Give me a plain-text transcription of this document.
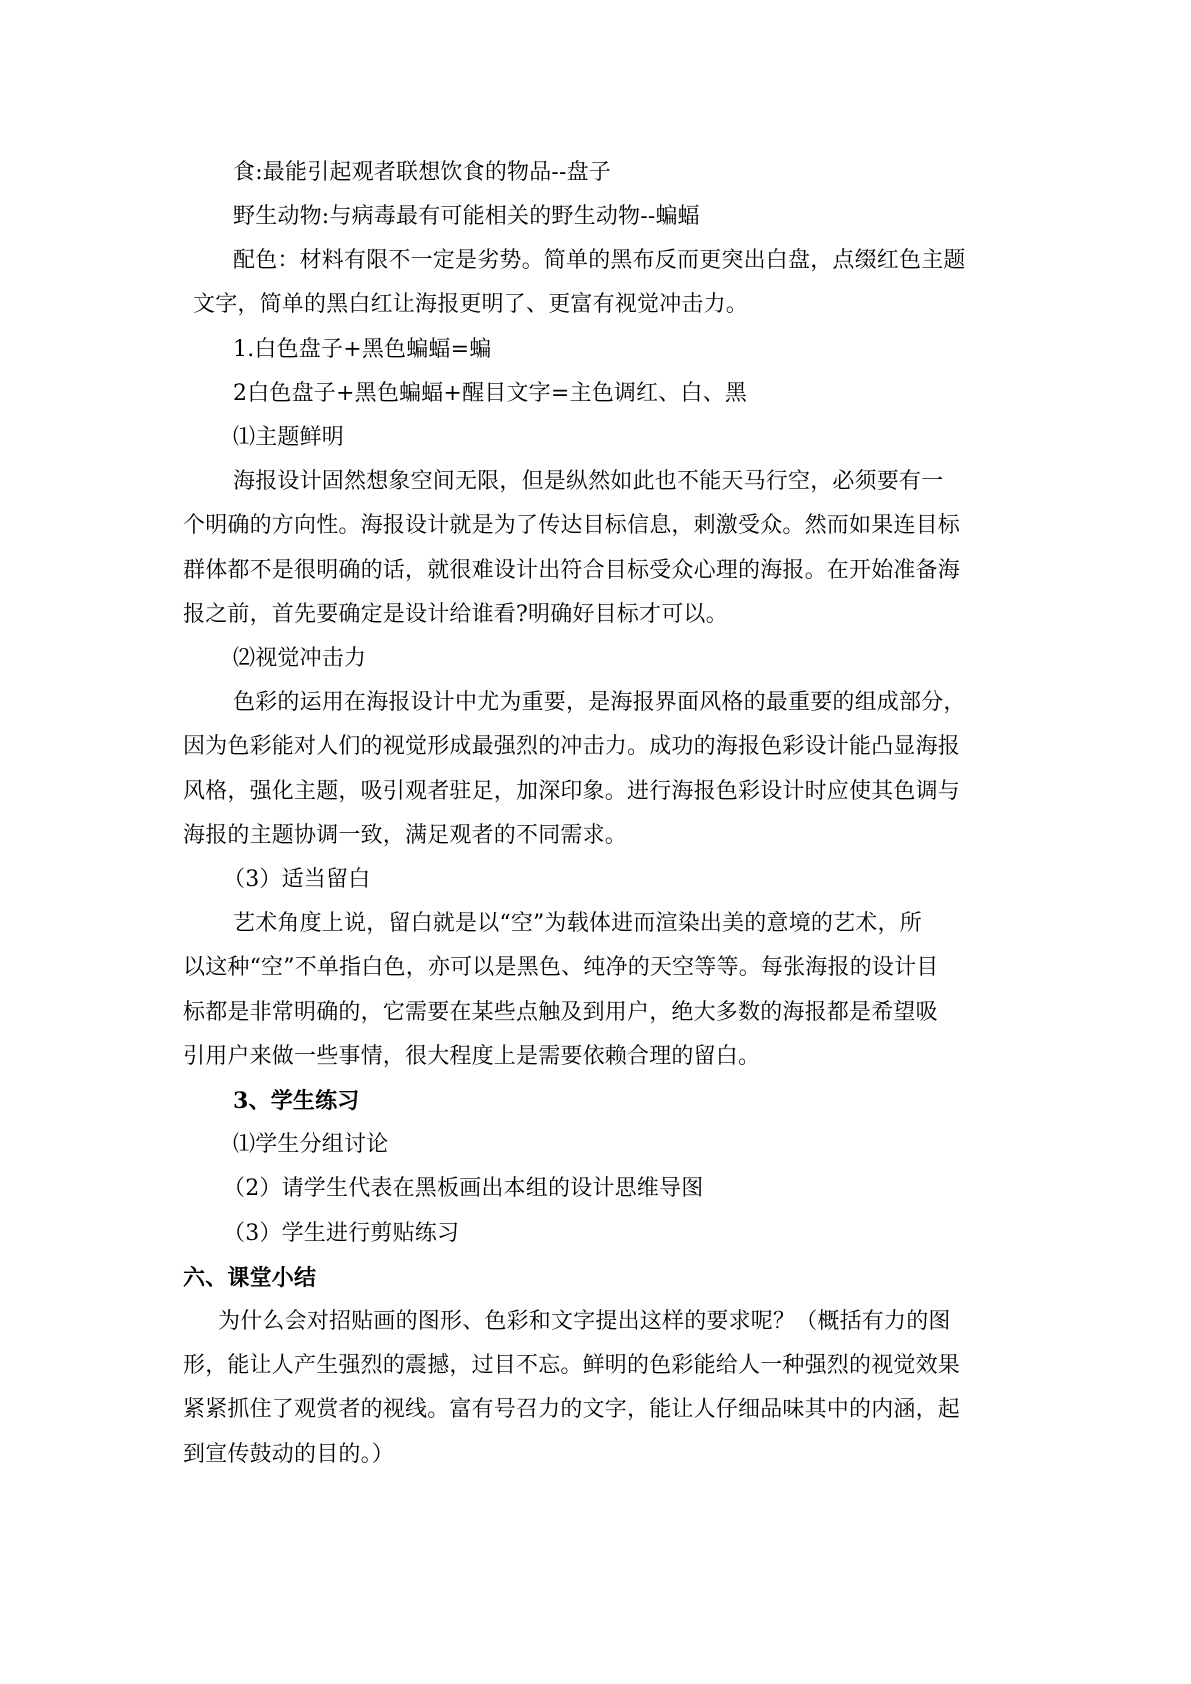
食:最能引起观者联想饮食的物品--盘子
野生动物:与病毒最有可能相关的野生动物--蝙蝠
配色：材料有限不一定是劣势。简单的黑布反而更突出白盘，点缀红色主题
文字，简单的黑白红让海报更明了、更富有视觉冲击力。
1.白色盘子+黑色蝙蝠=蝙
2白色盘子+黑色蝙蝠+醒目文字=主色调红、白、黑
⑴主题鲜明
海报设计固然想象空间无限，但是纵然如此也不能天马行空，必须要有一
个明确的方向性。海报设计就是为了传达目标信息，刺激受众。然而如果连目标
群体都不是很明确的话，就很难设计出符合目标受众心理的海报。在开始准备海
报之前，首先要确定是设计给谁看?明确好目标才可以。
⑵视觉冲击力
色彩的运用在海报设计中尤为重要，是海报界面风格的最重要的组成部分，
因为色彩能对人们的视觉形成最强烈的冲击力。成功的海报色彩设计能凸显海报
风格，强化主题，吸引观者驻足，加深印象。进行海报色彩设计时应使其色调与
海报的主题协调一致，满足观者的不同需求。
（3）适当留白
艺术角度上说，留白就是以“空”为载体进而渲染出美的意境的艺术，所
以这种“空”不单指白色，亦可以是黑色、纯净的天空等等。每张海报的设计目
标都是非常明确的，它需要在某些点触及到用户，绝大多数的海报都是希望吸
引用户来做一些事情，很大程度上是需要依赖合理的留白。
3、学生练习
⑴学生分组讨论
（2）请学生代表在黑板画出本组的设计思维导图
（3）学生进行剪贴练习
六、课堂小结
为什么会对招贴画的图形、色彩和文字提出这样的要求呢？（概括有力的图
形，能让人产生强烈的震撼，过目不忘。鲜明的色彩能给人一种强烈的视觉效果
紧紧抓住了观赏者的视线。富有号召力的文字，能让人仔细品味其中的内涵，起
到宣传鼓动的目的。）
